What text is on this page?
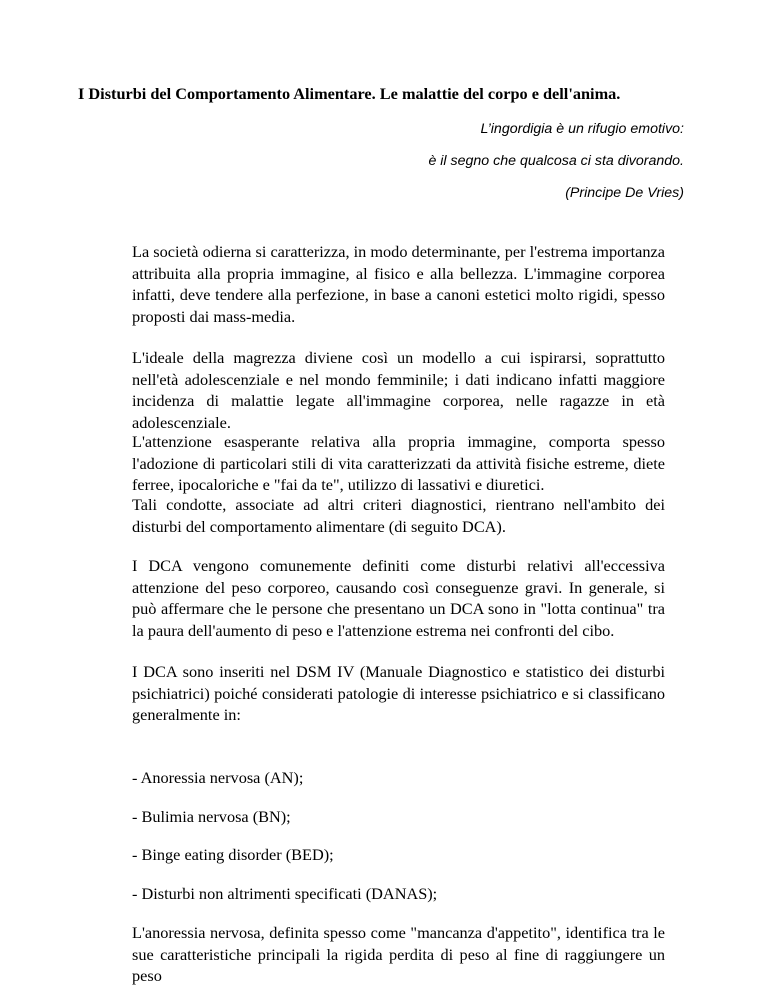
I Disturbi del Comportamento Alimentare. Le malattie del corpo e dell'anima.
L’ingordigia è un rifugio emotivo:
è il segno che qualcosa ci sta divorando.
(Principe De Vries)

La società odierna si caratterizza, in modo determinante, per l'estrema importanza attribuita alla propria immagine, al fisico e alla bellezza. L'immagine corporea infatti, deve tendere alla perfezione, in base a canoni estetici molto rigidi, spesso proposti dai mass-media.

L'ideale della magrezza diviene così un modello a cui ispirarsi, soprattutto nell'età adolescenziale e nel mondo femminile; i dati indicano infatti maggiore incidenza di malattie legate all'immagine corporea, nelle ragazze in età adolescenziale.

L'attenzione esasperante relativa alla propria immagine, comporta spesso l'adozione di particolari stili di vita caratterizzati da attività fisiche estreme, diete ferree, ipocaloriche e "fai da te", utilizzo di lassativi e diuretici.

Tali condotte, associate ad altri criteri diagnostici, rientrano nell'ambito dei disturbi del comportamento alimentare (di seguito DCA).

I DCA vengono comunemente definiti come disturbi relativi all'eccessiva attenzione del peso corporeo, causando così conseguenze gravi. In generale, si può affermare che le persone che presentano un DCA sono in "lotta continua" tra la paura dell'aumento di peso e l'attenzione estrema nei confronti del cibo.

I DCA sono inseriti nel DSM IV (Manuale Diagnostico e statistico dei disturbi psichiatrici) poiché considerati patologie di interesse psichiatrico e si classificano generalmente in:

- Anoressia nervosa (AN);

- Bulimia nervosa (BN);

- Binge eating disorder (BED);

- Disturbi non altrimenti specificati (DANAS);

L'anoressia nervosa, definita spesso come "mancanza d'appetito", identifica tra le sue caratteristiche principali la rigida perdita di peso al fine di raggiungere un peso
